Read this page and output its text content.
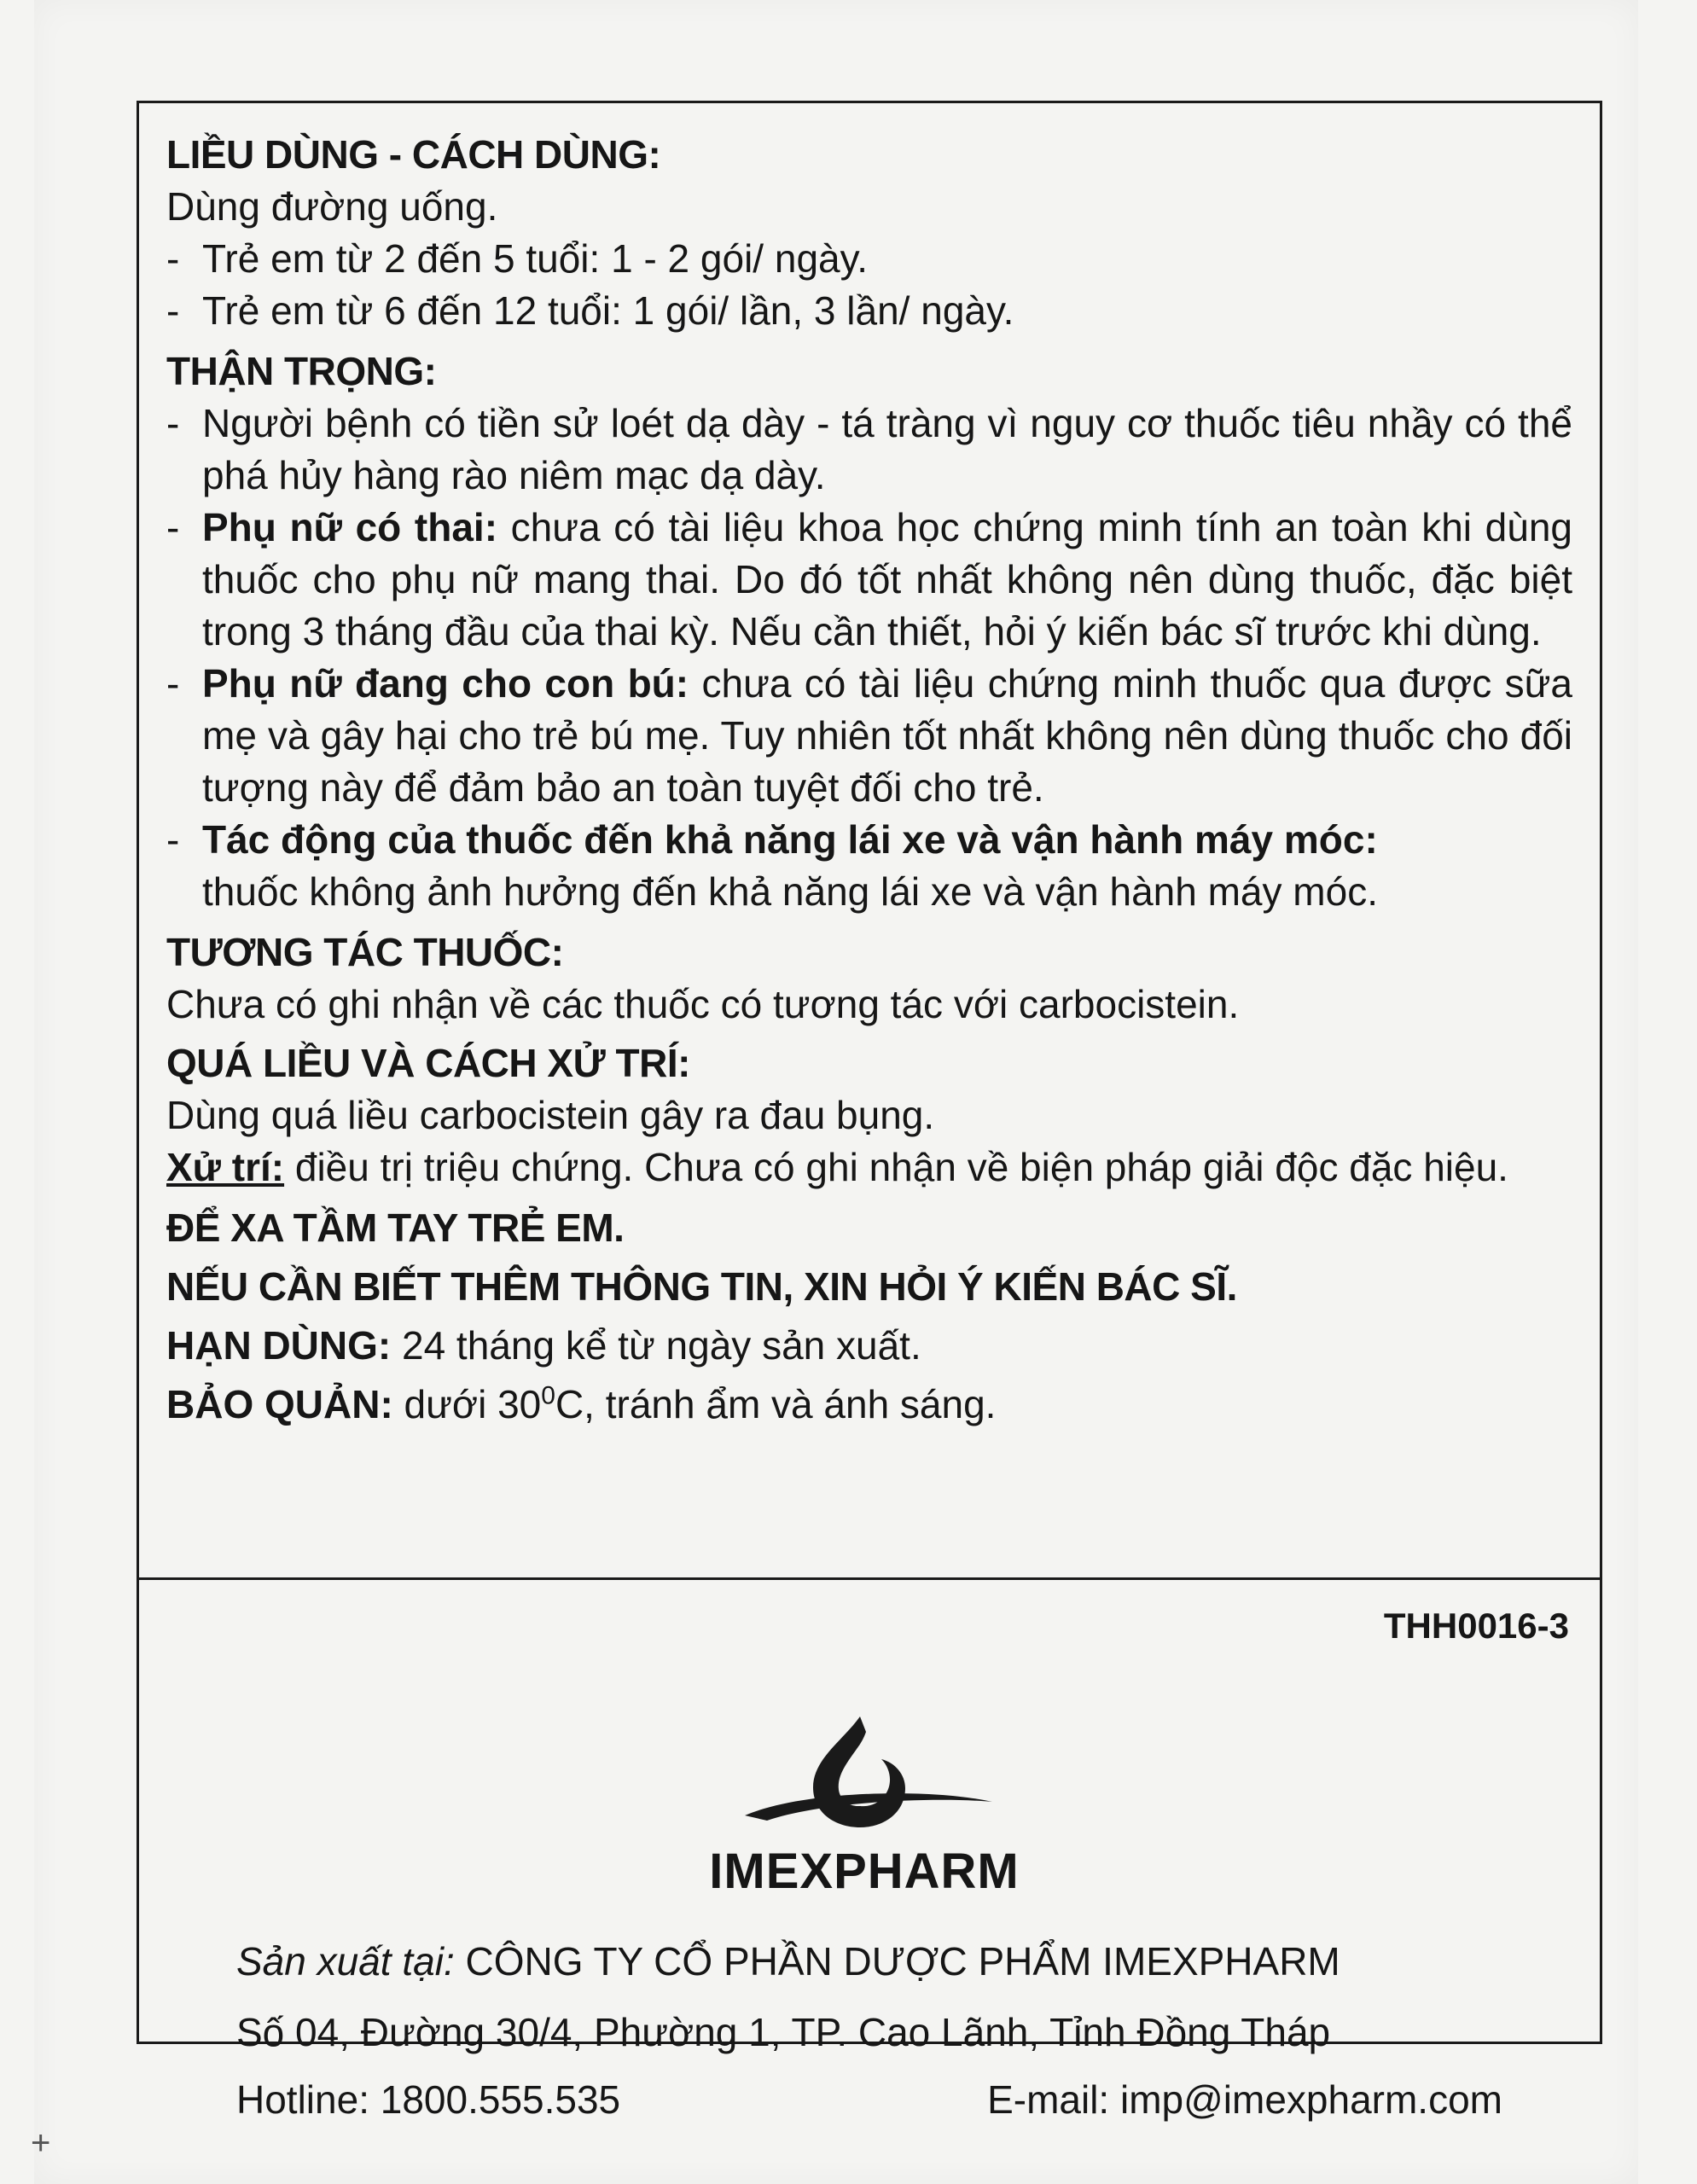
+
LIỀU DÙNG - CÁCH DÙNG:
Dùng đường uống.
- Trẻ em từ 2 đến 5 tuổi: 1 - 2 gói/ ngày.
- Trẻ em từ 6 đến 12 tuổi: 1 gói/ lần, 3 lần/ ngày.
THẬN TRỌNG:
- Người bệnh có tiền sử loét dạ dày - tá tràng vì nguy cơ thuốc tiêu nhầy có thể phá hủy hàng rào niêm mạc dạ dày.
- Phụ nữ có thai: chưa có tài liệu khoa học chứng minh tính an toàn khi dùng thuốc cho phụ nữ mang thai. Do đó tốt nhất không nên dùng thuốc, đặc biệt trong 3 tháng đầu của thai kỳ. Nếu cần thiết, hỏi ý kiến bác sĩ trước khi dùng.
- Phụ nữ đang cho con bú: chưa có tài liệu chứng minh thuốc qua được sữa mẹ và gây hại cho trẻ bú mẹ. Tuy nhiên tốt nhất không nên dùng thuốc cho đối tượng này để đảm bảo an toàn tuyệt đối cho trẻ.
- Tác động của thuốc đến khả năng lái xe và vận hành máy móc:
thuốc không ảnh hưởng đến khả năng lái xe và vận hành máy móc.
TƯƠNG TÁC THUỐC:
Chưa có ghi nhận về các thuốc có tương tác với carbocistein.
QUÁ LIỀU VÀ CÁCH XỬ TRÍ:
Dùng quá liều carbocistein gây ra đau bụng.
Xử trí: điều trị triệu chứng. Chưa có ghi nhận về biện pháp giải độc đặc hiệu.
ĐỂ XA TẦM TAY TRẺ EM.
NẾU CẦN BIẾT THÊM THÔNG TIN, XIN HỎI Ý KIẾN BÁC SĨ.
HẠN DÙNG: 24 tháng kể từ ngày sản xuất.
BẢO QUẢN: dưới $30^0C$, tránh ẩm và ánh sáng.
THH0016-3
IMEXPHARM
Sản xuất tại: CÔNG TY CỔ PHẦN DƯỢC PHẨM IMEXPHARM
Số 04, Đường 30/4, Phường 1, TP. Cao Lãnh, Tỉnh Đồng Tháp
Hotline: 1800.555.535	E-mail: imp@imexpharm.com
